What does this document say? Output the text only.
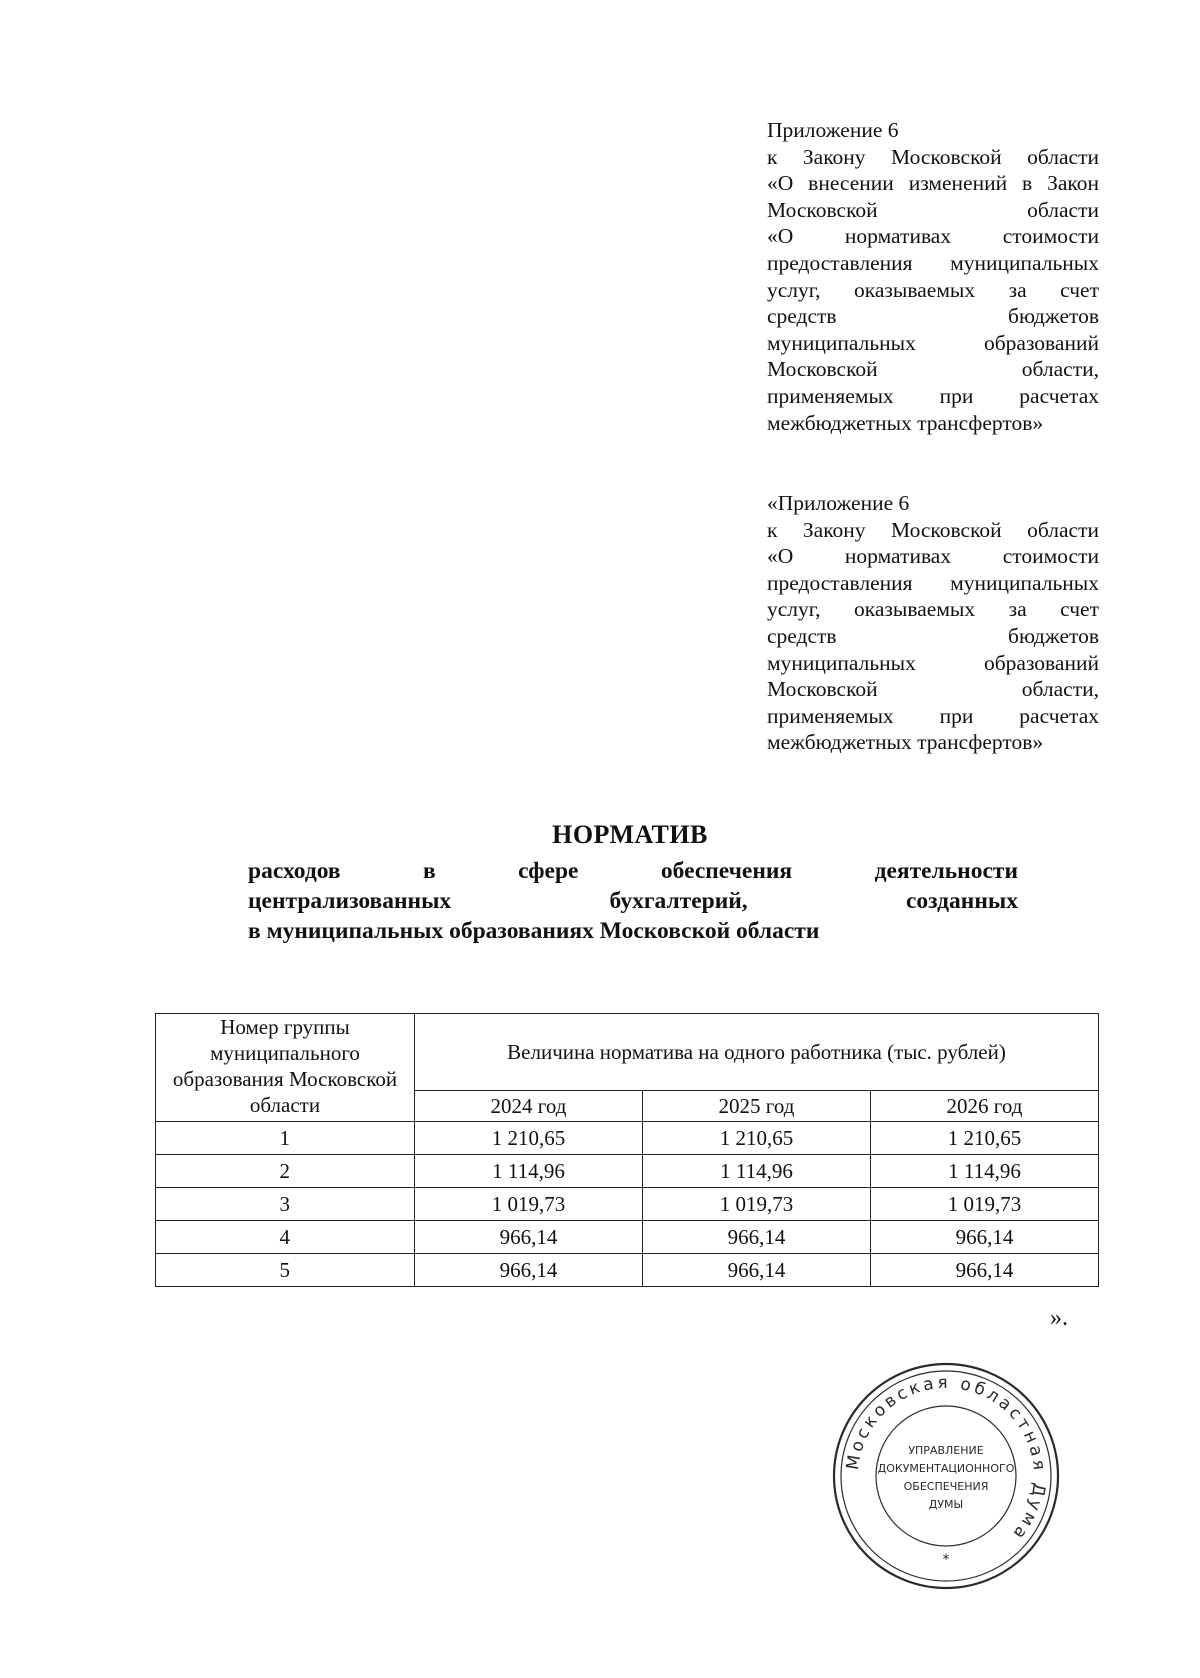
Приложение 6
к Закону Московской области
«О внесении изменений в Закон
Московской области
«О нормативах стоимости
предоставления муниципальных
услуг, оказываемых за счет
средств бюджетов
муниципальных образований
Московской области,
применяемых при расчетах
межбюджетных трансфертов»
«Приложение 6
к Закону Московской области
«О нормативах стоимости
предоставления муниципальных
услуг, оказываемых за счет
средств бюджетов
муниципальных образований
Московской области,
применяемых при расчетах
межбюджетных трансфертов»
НОРМАТИВ
расходов в сфере обеспечения деятельности
централизованных бухгалтерий, созданных
в муниципальных образованиях Московской области
Номер группы муниципального образования Московской области	Величина норматива на одного работника (тыс. рублей)		
	2024 год	2025 год	2026 год
1	1 210,65	1 210,65	1 210,65
2	1 114,96	1 114,96	1 114,96
3	1 019,73	1 019,73	1 019,73
4	966,14	966,14	966,14
5	966,14	966,14	966,14
».
Московская областная Дума
УПРАВЛЕНИЕ
ДОКУМЕНТАЦИОННОГО
ОБЕСПЕЧЕНИЯ
ДУМЫ
*
